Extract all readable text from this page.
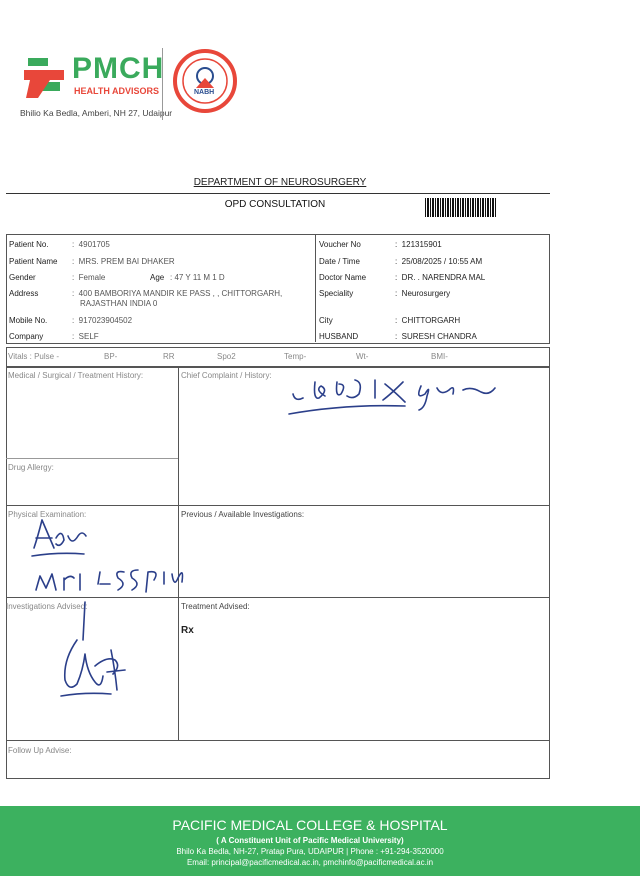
PMCH
HEALTH ADVISORS
Bhilio Ka Bedla, Amberi, NH 27, Udaipur
NABH
DEPARTMENT OF NEUROSURGERY
OPD CONSULTATION
Patient No.	:  4901705
Patient Name :  MRS. PREM BAI DHAKER
Gender	:  Female	Age : 47 Y 11 M 1 D
Address	:  400 BAMBORIYA MANDIR KE PASS , , CHITTORGARH,
RAJASTHAN INDIA 0
Mobile No.	:  917023904502
Company	:  SELF
Voucher No	:  121315901
Date / Time	:  25/08/2025 / 10:55 AM
Doctor Name	:  DR. . NARENDRA MAL
Speciality	:  Neurosurgery
City	:  CHITTORGARH
HUSBAND	:  SURESH CHANDRA
Vitals : Pulse -	BP-	RR	Spo2	Temp-	Wt-	BMI-
Medical / Surgical / Treatment History:	Chief Complaint / History:
Drug Allergy:
Physical Examination:	Previous / Available Investigations:
Investigations Advised:	Treatment Advised:
Rx
Follow Up Advise:
PACIFIC MEDICAL COLLEGE & HOSPITAL
( A Constituent Unit of Pacific Medical University)
Bhilo Ka Bedla, NH-27, Pratap Pura, UDAIPUR | Phone : +91-294-3520000
Email: principal@pacificmedical.ac.in, pmchinfo@pacificmedical.ac.in
